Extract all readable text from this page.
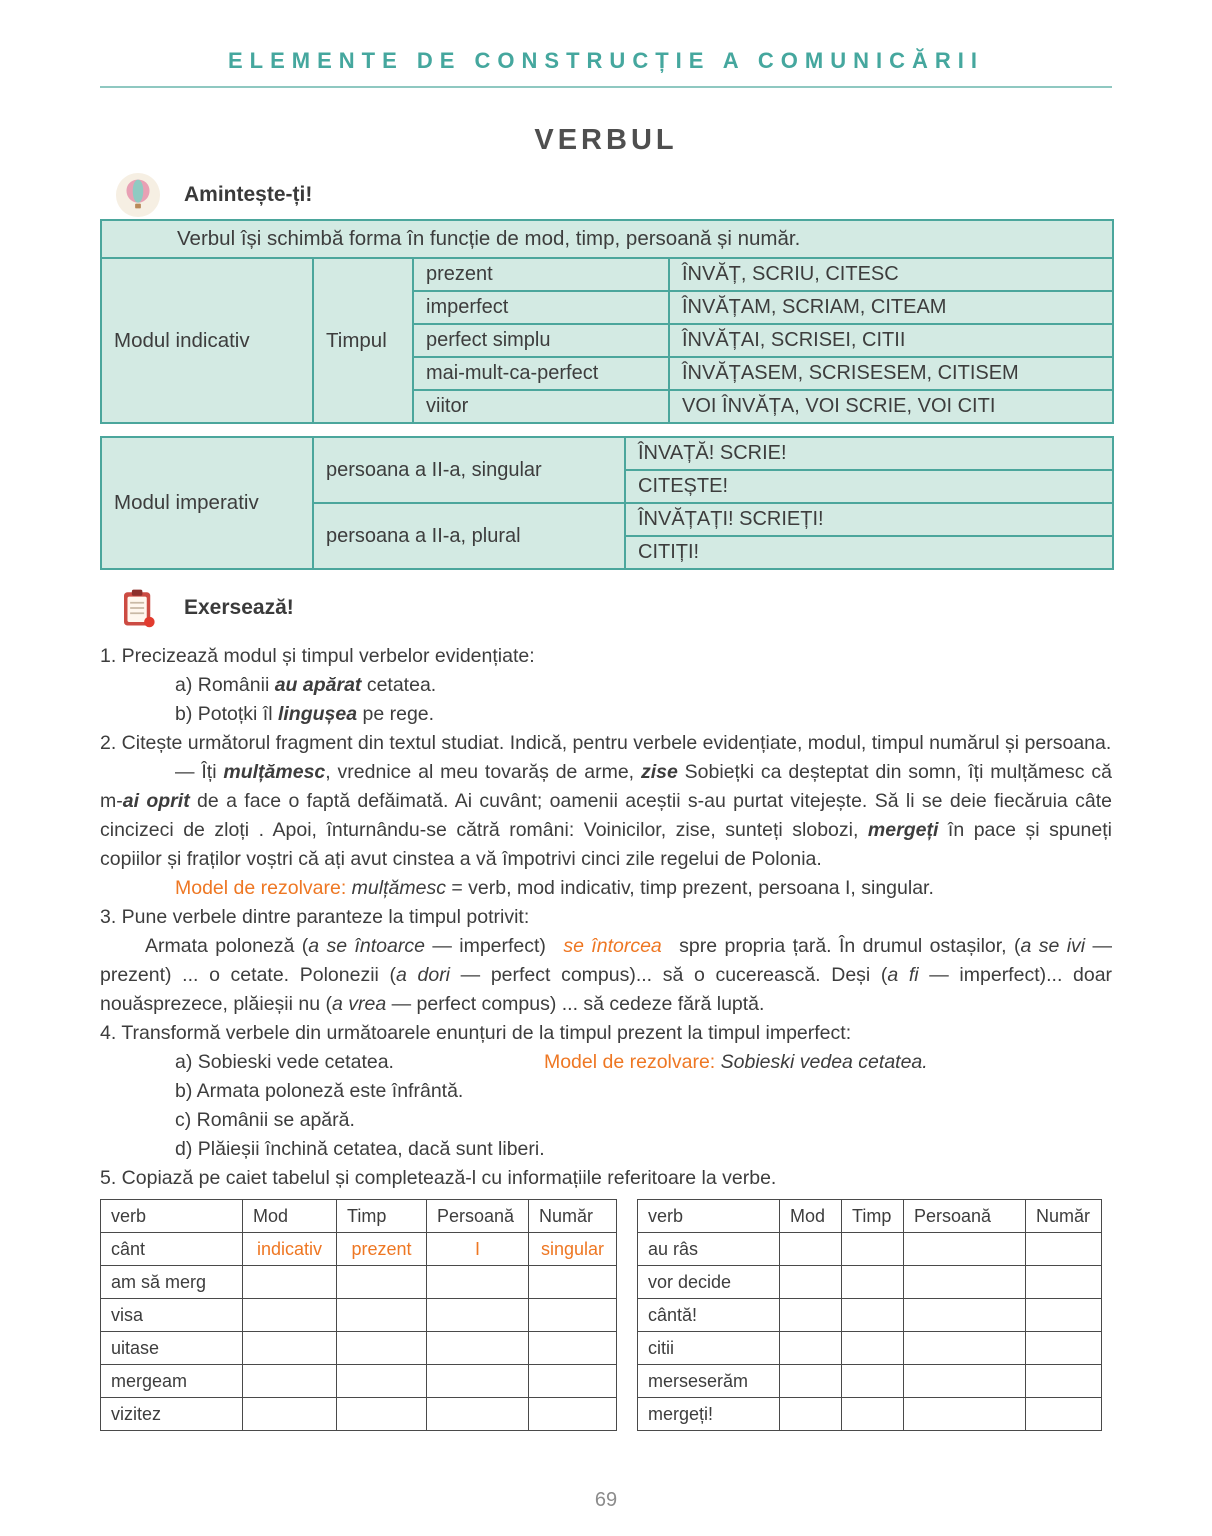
ELEMENTE DE CONSTRUCȚIE A COMUNICĂRII
VERBUL
Amintește-ți!
Verbul își schimbă forma în funcție de mod, timp, persoană și număr.			
Modul indicativ	Timpul	prezent	ÎNVĂȚ, SCRIU, CITESC
		imperfect	ÎNVĂȚAM, SCRIAM, CITEAM
		perfect simplu	ÎNVĂȚAI, SCRISEI, CITII
		mai-mult-ca-perfect	ÎNVĂȚASEM, SCRISESEM, CITISEM
		viitor	VOI ÎNVĂȚA, VOI SCRIE, VOI CITI
Modul imperativ	persoana a II-a, singular	ÎNVAȚĂ! SCRIE!
		CITEȘTE!
	persoana a II-a, plural	ÎNVĂȚAȚI! SCRIEȚI!
		CITIȚI!
Exersează!
1. Precizează modul și timpul verbelor evidențiate:
a) Românii au apărat cetatea.
b) Potoțki îl lingușea pe rege.
2. Citește următorul fragment din textul studiat. Indică, pentru verbele evidențiate, modul, timpul numărul și persoana.

— Îți mulțămesc, vrednice al meu tovarăș de arme, zise Sobiețki ca deșteptat din somn, îți mulțămesc că m-ai oprit de a face o faptă defăimată. Ai cuvânt; oamenii aceștii s-au purtat vitejește. Să li se deie fiecăruia câte cincizeci de zloți . Apoi, înturnându-se cătră români: Voinicilor, zise, sunteți slobozi, mergeți în pace și spuneți copiilor și fraților voștri că ați avut cinstea a vă împotrivi cinci zile regelui de Polonia.

Model de rezolvare: mulțămesc = verb, mod indicativ, timp prezent, persoana I, singular.
3. Pune verbele dintre paranteze la timpul potrivit:

Armata poloneză (a se întoarce — imperfect) se întorcea spre propria țară. În drumul ostașilor, (a se ivi — prezent) ... o cetate. Polonezii (a dori — perfect compus)... să o cucerească. Deși (a fi — imperfect)... doar nouăsprezece, plăieșii nu (a vrea — perfect compus) ... să cedeze fără luptă.

4. Transformă verbele din următoarele enunțuri de la timpul prezent la timpul imperfect:
a) Sobieski vede cetatea.	Model de rezolvare: Sobieski vedea cetatea.
b) Armata poloneză este înfrântă.
c) Românii se apără.
d) Plăieșii închină cetatea, dacă sunt liberi.
5. Copiază pe caiet tabelul și completează-l cu informațiile referitoare la verbe.
verb	Mod	Timp	Persoană	Număr
cânt	indicativ	prezent	I	singular
am să merg				
visa				
uitase				
mergeam				
vizitez				
verb	Mod	Timp	Persoană	Număr
au râs				
vor decide				
cântă!				
citii				
merseserăm				
mergeți!				
69
